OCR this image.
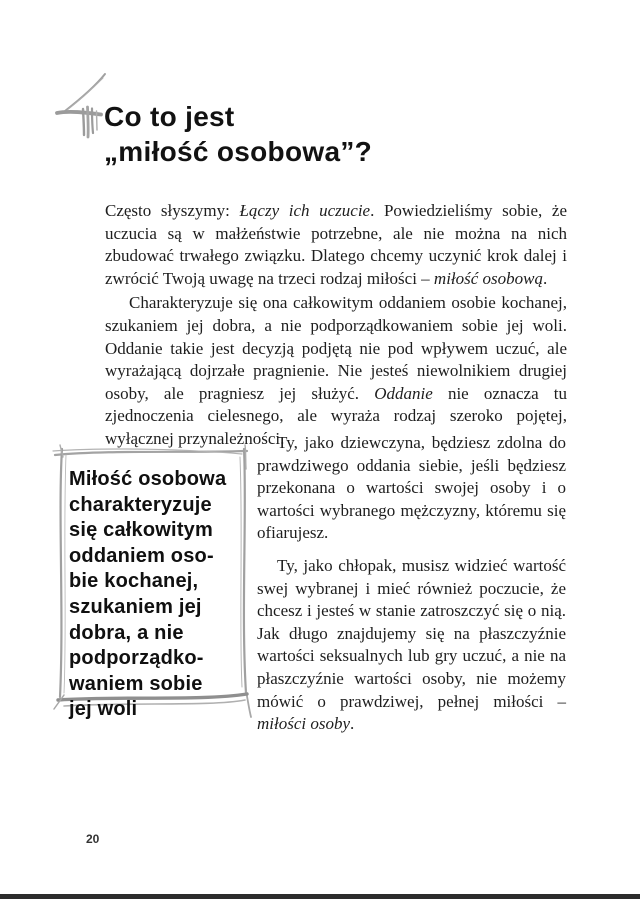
Co to jest
„miłość osobowa”?

Często słyszymy: Łączy ich uczucie. Powiedzieliśmy sobie, że uczucia są w małżeństwie potrzebne, ale nie można na nich zbudować trwałego związku. Dlatego chcemy uczynić krok dalej i zwrócić Twoją uwagę na trzeci rodzaj miłości – miłość osobową.

Charakteryzuje się ona całkowitym oddaniem osobie kochanej, szukaniem jej dobra, a nie podporządkowaniem sobie jej woli. Oddanie takie jest decyzją podjętą nie pod wpływem uczuć, ale wyrażającą dojrzałe pragnienie. Nie jesteś niewolnikiem drugiej osoby, ale pragniesz jej służyć. Oddanie nie oznacza tu zjednoczenia cielesnego, ale wyraża rodzaj szeroko pojętej, wyłącznej przynależności.

Miłość osobowa
charakteryzuje
się całkowitym
oddaniem oso-
bie kochanej,
szukaniem jej
dobra, a nie
podporządko-
waniem sobie
jej woli

Ty, jako dziewczyna, będziesz zdolna do prawdziwego oddania siebie, jeśli będziesz przekonana o wartości swojej osoby i o wartości wybranego mężczyzny, któremu się ofiarujesz.

Ty, jako chłopak, musisz widzieć wartość swej wybranej i mieć również poczucie, że chcesz i jesteś w stanie zatroszczyć się o nią. Jak długo znajdujemy się na płaszczyźnie wartości seksualnych lub gry uczuć, a nie na płaszczyźnie wartości osoby, nie możemy mówić o prawdziwej, pełnej miłości – miłości osoby.

20
